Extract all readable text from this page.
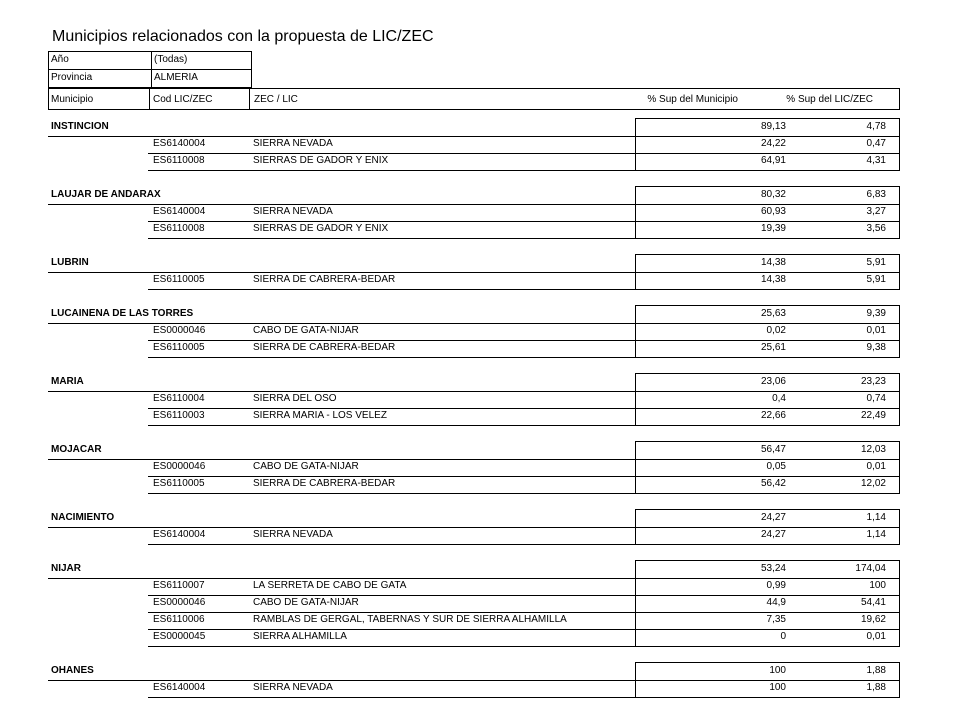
Municipios relacionados con la propuesta de LIC/ZEC
Año	(Todas)
Provincia	ALMERIA
Municipio	Cod LIC/ZEC	ZEC / LIC	% Sup del Municipio	% Sup del LIC/ZEC
INSTINCION	89,13	4,78
ES6140004	SIERRA NEVADA	24,22	0,47
ES6110008	SIERRAS DE GADOR Y ENIX	64,91	4,31
LAUJAR DE ANDARAX	80,32	6,83
ES6140004	SIERRA NEVADA	60,93	3,27
ES6110008	SIERRAS DE GADOR Y ENIX	19,39	3,56
LUBRIN	14,38	5,91
ES6110005	SIERRA DE CABRERA-BEDAR	14,38	5,91
LUCAINENA DE LAS TORRES	25,63	9,39
ES0000046	CABO DE GATA-NIJAR	0,02	0,01
ES6110005	SIERRA DE CABRERA-BEDAR	25,61	9,38
MARIA	23,06	23,23
ES6110004	SIERRA DEL OSO	0,4	0,74
ES6110003	SIERRA MARIA - LOS VELEZ	22,66	22,49
MOJACAR	56,47	12,03
ES0000046	CABO DE GATA-NIJAR	0,05	0,01
ES6110005	SIERRA DE CABRERA-BEDAR	56,42	12,02
NACIMIENTO	24,27	1,14
ES6140004	SIERRA NEVADA	24,27	1,14
NIJAR	53,24	174,04
ES6110007	LA SERRETA DE CABO DE GATA	0,99	100
ES0000046	CABO DE GATA-NIJAR	44,9	54,41
ES6110006	RAMBLAS DE GERGAL, TABERNAS Y SUR DE SIERRA ALHAMILLA	7,35	19,62
ES0000045	SIERRA ALHAMILLA	0	0,01
OHANES	100	1,88
ES6140004	SIERRA NEVADA	100	1,88
